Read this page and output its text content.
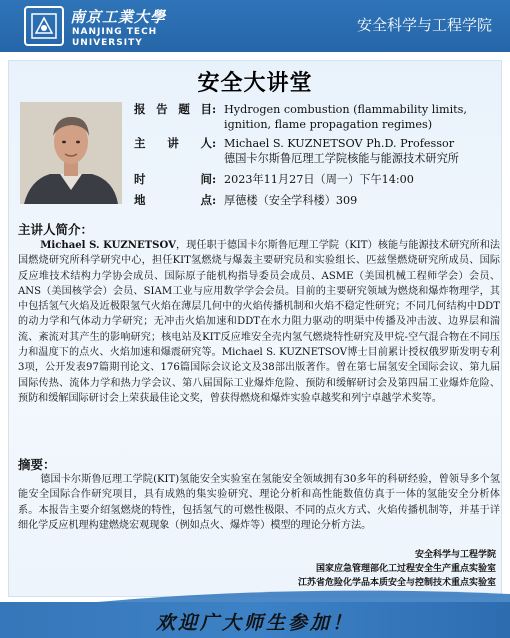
南京工業大學
NANJING TECH
UNIVERSITY
安全科学与工程学院
安全大讲堂
报 告 题 目 : Hydrogen combustion (flammability limits, ignition, flame propagation regimes)
主 讲 人 : Michael S. KUZNETSOV Ph.D. Professor
德国卡尔斯鲁厄理工学院核能与能源技术研究所
时	间 : 2023年11月27日（周一）下午14:00
地	点 : 厚德楼（安全学科楼）309
主讲人简介：
Michael S. KUZNETSOV，现任职于德国卡尔斯鲁厄理工学院（KIT）核能与能源技术研究所和法国燃烧研究所科学研究中心，担任KIT氢燃烧与爆轰主要研究员和实验组长、匹兹堡燃烧研究所成员、国际反应堆技术结构力学协会成员、国际原子能机构指导委员会成员、ASME（美国机械工程师学会）会员、ANS（美国核学会）会员、SIAM工业与应用数学学会会员。目前的主要研究领域为燃烧和爆炸物理学，其中包括氢气火焰及近极限氢气火焰在薄层几何中的火焰传播机制和火焰不稳定性研究；不同几何结构中DDT的动力学和气体动力学研究；无冲击火焰加速和DDT在水力阻力驱动的明渠中传播及冲击波、边界层和湍流、紊流对其产生的影响研究；核电站及KIT反应堆安全壳内氢气燃烧特性研究及甲烷-空气混合物在不同压力和温度下的点火、火焰加速和爆震研究等。Michael S. KUZNETSOV博士目前累计授权俄罗斯发明专利3项，公开发表97篇期刊论文、176篇国际会议论文及38部出版著作。曾在第七届氢安全国际会议、第九届国际传热、流体力学和热力学会议、第八届国际工业爆炸危险、预防和缓解研讨会及第四届工业爆炸危险、预防和缓解国际研讨会上荣获最佳论文奖，曾获得燃烧和爆炸实验卓越奖和列宁卓越学术奖等。
摘要：
德国卡尔斯鲁厄理工学院(KIT)氢能安全实验室在氢能安全领域拥有30多年的科研经验，曾领导多个氢能安全国际合作研究项目，具有成熟的集实验研究、理论分析和高性能数值仿真于一体的氢能安全分析体系。本报告主要介绍氢燃烧的特性，包括氢气的可燃性极限、不同的点火方式、火焰传播机制等，并基于详细化学反应机理构建燃烧宏观现象（例如点火、爆炸等）模型的理论分析方法。
安全科学与工程学院
国家应急管理部化工过程安全生产重点实验室
江苏省危险化学品本质安全与控制技术重点实验室
欢迎广大师生参加！
